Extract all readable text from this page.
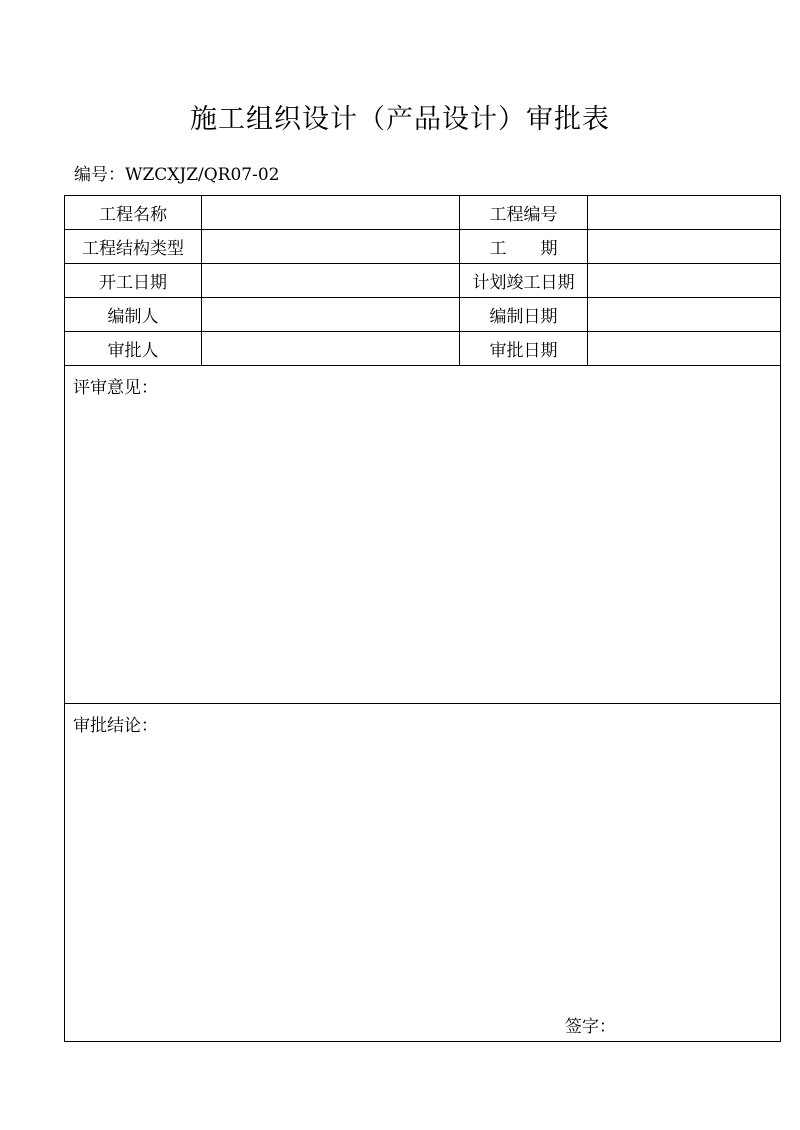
施工组织设计（产品设计）审批表
编号：WZCXJZ/QR07-02
工程名称		工程编号	
工程结构类型		工　　期	
开工日期		计划竣工日期	
编制人		编制日期	
审批人		审批日期	

评审意见：			

审批结论：
签字：			
